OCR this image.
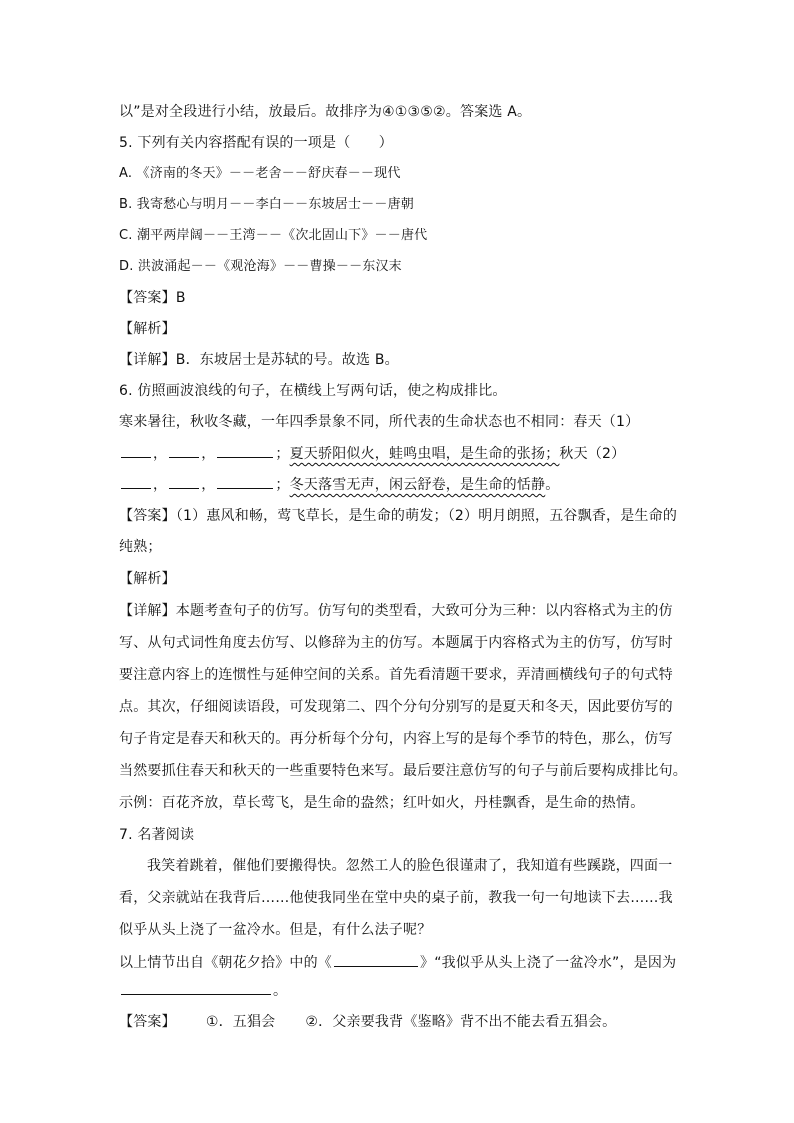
以”是对全段进行小结，放最后。故排序为④①③⑤②。答案选 A。
5. 下列有关内容搭配有误的一项是（　　）
A. 《济南的冬天》－－老舍－－舒庆春－－现代
B. 我寄愁心与明月－－李白－－东坡居士－－唐朝
C. 潮平两岸阔－－王湾－－《次北固山下》－－唐代
D. 洪波涌起－－《观沧海》－－曹操－－东汉末
【答案】B
【解析】
【详解】B．东坡居士是苏轼的号。故选 B。
6. 仿照画波浪线的句子，在横线上写两句话，使之构成排比。
寒来暑往，秋收冬藏，一年四季景象不同，所代表的生命状态也不相同：春天（1）
， ，	；夏天骄阳似火，蛙鸣虫唱，是生命的张扬；秋天（2）
， ，	；冬天落雪无声，闲云舒卷，是生命的恬静。
【答案】（1）惠风和畅，莺飞草长，是生命的萌发；（2）明月朗照，五谷飘香，是生命的
纯熟；
【解析】
【详解】本题考查句子的仿写。仿写句的类型看，大致可分为三种：以内容格式为主的仿
写、从句式词性角度去仿写、以修辞为主的仿写。本题属于内容格式为主的仿写，仿写时
要注意内容上的连惯性与延伸空间的关系。首先看清题干要求，弄清画横线句子的句式特
点。其次，仔细阅读语段，可发现第二、四个分句分别写的是夏天和冬天，因此要仿写的
句子肯定是春天和秋天的。再分析每个分句，内容上写的是每个季节的特色，那么，仿写
当然要抓住春天和秋天的一些重要特色来写。最后要注意仿写的句子与前后要构成排比句。
示例：百花齐放，草长莺飞，是生命的盎然；红叶如火，丹桂飘香，是生命的热情。
7. 名著阅读
我笑着跳着，催他们要搬得快。忽然工人的脸色很谨肃了，我知道有些蹊跷，四面一
看，父亲就站在我背后……他使我同坐在堂中央的桌子前，教我一句一句地读下去……我
似乎从头上浇了一盆冷水。但是，有什么法子呢？
以上情节出自《朝花夕拾》中的《	》“我似乎从头上浇了一盆冷水”，是因为
。
【答案】 ①．五猖会 ②．父亲要我背《鉴略》背不出不能去看五猖会。
